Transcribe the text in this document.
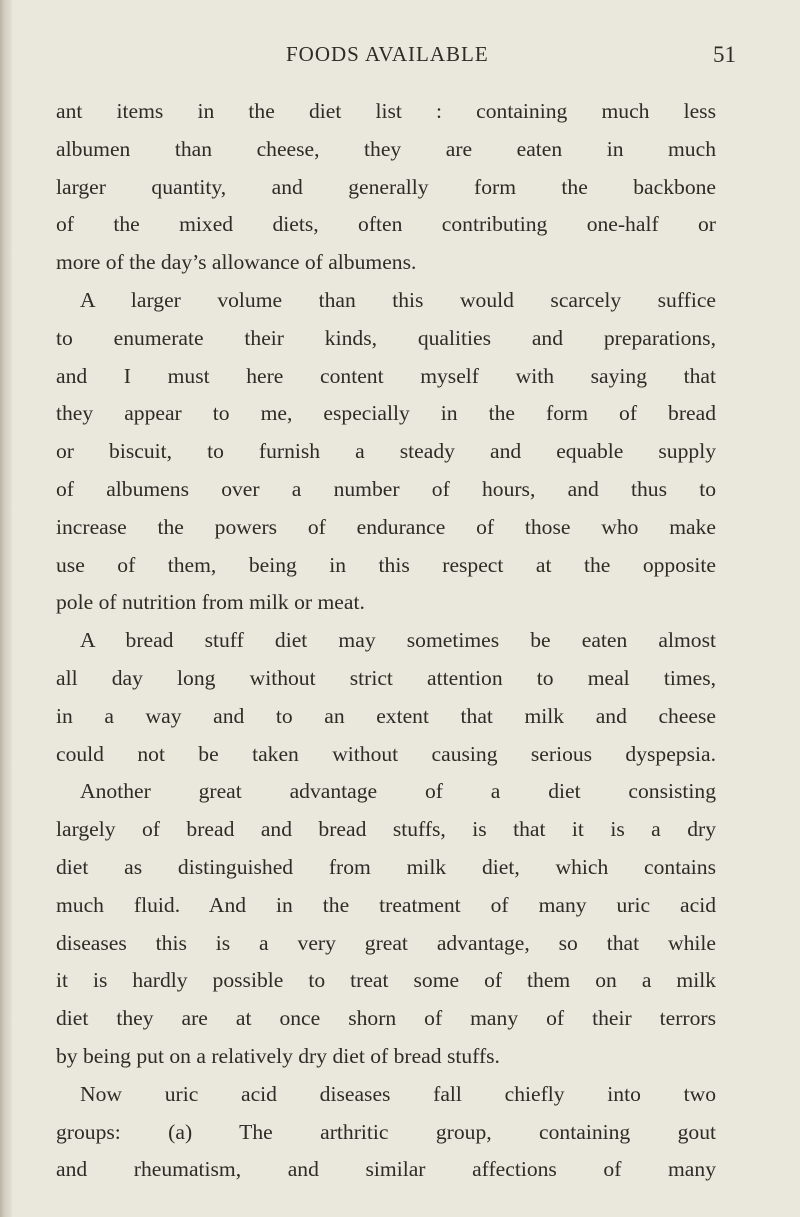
FOODS AVAILABLE	51
ant items in the diet list : containing much less
albumen than cheese, they are eaten in much
larger quantity, and generally form the backbone
of the mixed diets, often contributing one-half or
more of the day’s allowance of albumens.
A larger volume than this would scarcely suffice
to enumerate their kinds, qualities and preparations,
and I must here content myself with saying that
they appear to me, especially in the form of bread
or biscuit, to furnish a steady and equable supply
of albumens over a number of hours, and thus to
increase the powers of endurance of those who make
use of them, being in this respect at the opposite
pole of nutrition from milk or meat.
A bread stuff diet may sometimes be eaten almost
all day long without strict attention to meal times,
in a way and to an extent that milk and cheese
could not be taken without causing serious dyspepsia.
Another great advantage of a diet consisting
largely of bread and bread stuffs, is that it is a dry
diet as distinguished from milk diet, which contains
much fluid. And in the treatment of many uric acid
diseases this is a very great advantage, so that while
it is hardly possible to treat some of them on a milk
diet they are at once shorn of many of their terrors
by being put on a relatively dry diet of bread stuffs.
Now uric acid diseases fall chiefly into two
groups: (a) The arthritic group, containing gout
and rheumatism, and similar affections of many
